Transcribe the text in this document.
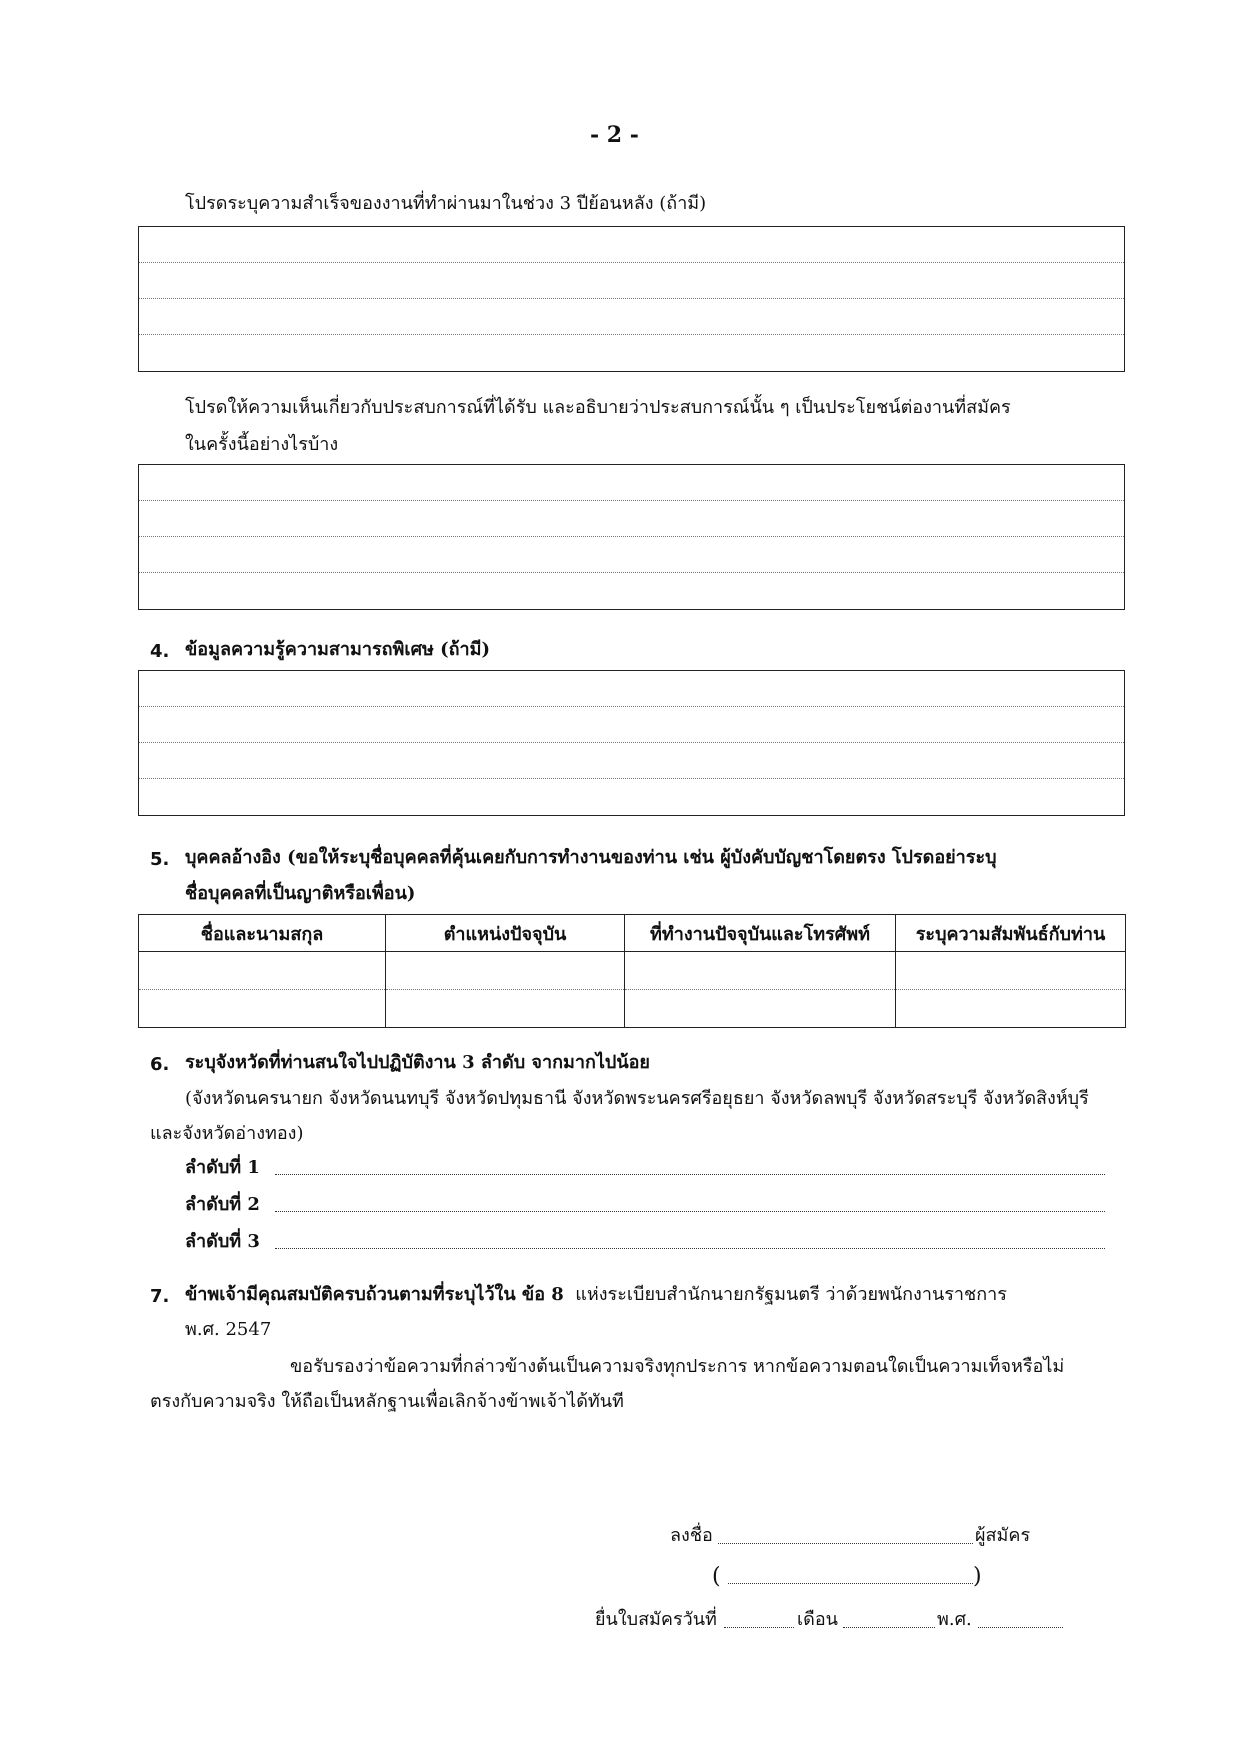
- 2 -
โปรดระบุความสำเร็จของงานที่ทำผ่านมาในช่วง 3 ปีย้อนหลัง (ถ้ามี)
โปรดให้ความเห็นเกี่ยวกับประสบการณ์ที่ได้รับ และอธิบายว่าประสบการณ์นั้น ๆ เป็นประโยชน์ต่องานที่สมัคร
ในครั้งนี้อย่างไรบ้าง
4. ข้อมูลความรู้ความสามารถพิเศษ (ถ้ามี)
5. บุคคลอ้างอิง (ขอให้ระบุชื่อบุคคลที่คุ้นเคยกับการทำงานของท่าน เช่น ผู้บังคับบัญชาโดยตรง โปรดอย่าระบุ
ชื่อบุคคลที่เป็นญาติหรือเพื่อน)
ชื่อและนามสกุล	ตำแหน่งปัจจุบัน	ที่ทำงานปัจจุบันและโทรศัพท์	ระบุความสัมพันธ์กับท่าน

6. ระบุจังหวัดที่ท่านสนใจไปปฏิบัติงาน 3 ลำดับ จากมากไปน้อย
(จังหวัดนครนายก จังหวัดนนทบุรี จังหวัดปทุมธานี จังหวัดพระนครศรีอยุธยา จังหวัดลพบุรี จังหวัดสระบุรี จังหวัดสิงห์บุรี
และจังหวัดอ่างทอง)
ลำดับที่ 1
ลำดับที่ 2
ลำดับที่ 3
7. ข้าพเจ้ามีคุณสมบัติครบถ้วนตามที่ระบุไว้ใน ข้อ 8 แห่งระเบียบสำนักนายกรัฐมนตรี ว่าด้วยพนักงานราชการ
พ.ศ. 2547
ขอรับรองว่าข้อความที่กล่าวข้างต้นเป็นความจริงทุกประการ หากข้อความตอนใดเป็นความเท็จหรือไม่
ตรงกับความจริง ให้ถือเป็นหลักฐานเพื่อเลิกจ้างข้าพเจ้าได้ทันที
ลงชื่อ	ผู้สมัคร
(	)
ยื่นใบสมัครวันที่	เดือน	พ.ศ.
